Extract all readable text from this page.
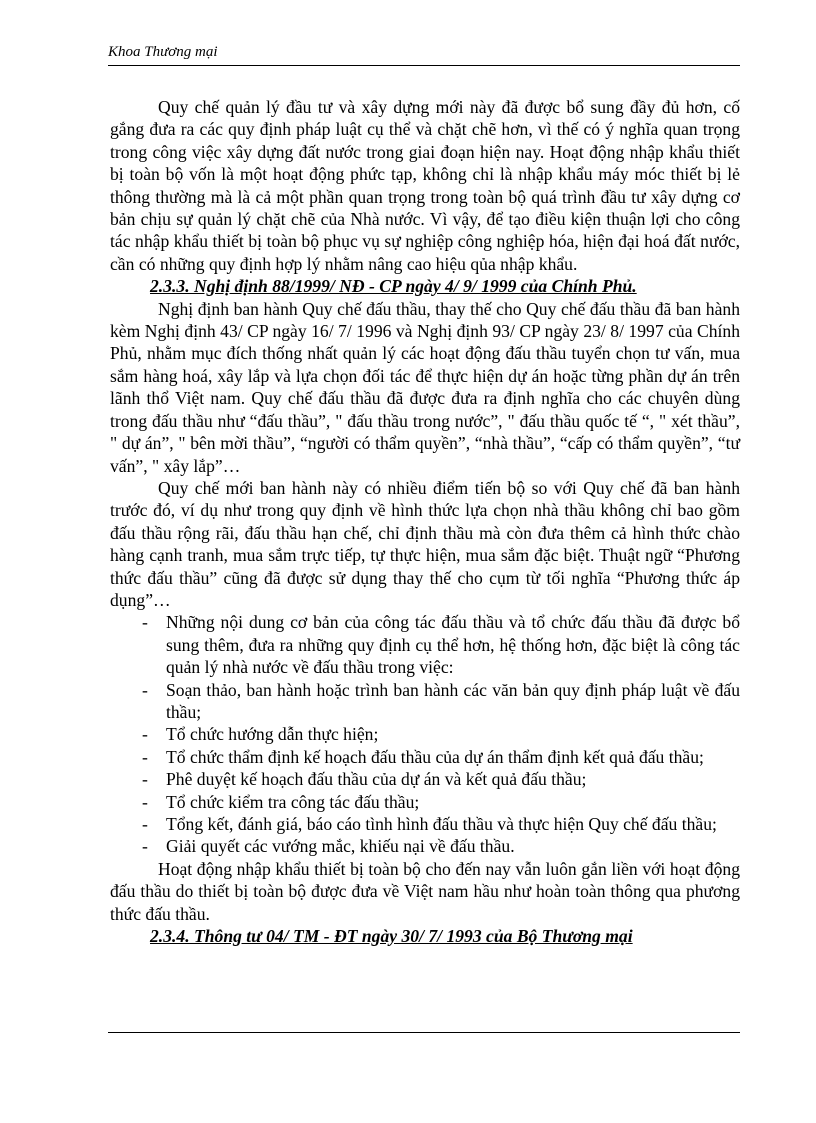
Khoa Thương mại

Quy chế quản lý đầu tư và xây dựng mới này đã được bổ sung đầy đủ hơn, cố gắng đưa ra các quy định pháp luật cụ thể và chặt chẽ hơn, vì thế có ý nghĩa quan trọng trong công việc xây dựng đất nước trong giai đoạn hiện nay. Hoạt động nhập khẩu thiết bị toàn bộ vốn là một hoạt động phức tạp, không chỉ là nhập khẩu máy móc thiết bị lẻ thông thường mà là cả một phần quan trọng trong toàn bộ quá trình đầu tư xây dựng cơ bản chịu sự quản lý chặt chẽ của Nhà nước. Vì vậy, để tạo điều kiện thuận lợi cho công tác nhập khẩu thiết bị toàn bộ phục vụ sự nghiệp công nghiệp hóa, hiện đại hoá đất nước, cần có những quy định hợp lý nhằm nâng cao hiệu qủa nhập khẩu.

2.3.3. Nghị định 88/1999/ NĐ - CP ngày 4/ 9/ 1999 của Chính Phủ.

Nghị định ban hành Quy chế đấu thầu, thay thế cho Quy chế đấu thầu đã ban hành kèm Nghị định 43/ CP ngày 16/ 7/ 1996 và Nghị định 93/ CP ngày 23/ 8/ 1997 của Chính Phủ, nhằm mục đích thống nhất quản lý các hoạt động đấu thầu tuyển chọn tư vấn, mua sắm hàng hoá, xây lắp và lựa chọn đối tác để thực hiện dự án hoặc từng phần dự án trên lãnh thổ Việt nam. Quy chế đấu thầu đã được đưa ra định nghĩa cho các chuyên dùng trong đấu thầu như “đấu thầu”, " đấu thầu trong nước”, " đấu thầu quốc tế “, " xét thầu”, " dự án”, " bên mời thầu”, “người có thẩm quyền”, “nhà thầu”, “cấp có thẩm quyền”, “tư vấn”, " xây lắp”…

Quy chế mới ban hành này có nhiều điểm tiến bộ so với Quy chế đã ban hành trước đó, ví dụ như trong quy định về hình thức lựa chọn nhà thầu không chỉ bao gồm đấu thầu rộng rãi, đấu thầu hạn chế, chỉ định thầu mà còn đưa thêm cả hình thức chào hàng cạnh tranh, mua sắm trực tiếp, tự thực hiện, mua sắm đặc biệt. Thuật ngữ “Phương thức đấu thầu” cũng đã được sử dụng thay thế cho cụm từ tối nghĩa “Phương thức áp dụng”…

- Những nội dung cơ bản của công tác đấu thầu và tổ chức đấu thầu đã được bổ sung thêm, đưa ra những quy định cụ thể hơn, hệ thống hơn, đặc biệt là công tác quản lý nhà nước về đấu thầu trong việc:
- Soạn thảo, ban hành hoặc trình ban hành các văn bản quy định pháp luật về đấu thầu;
- Tổ chức hướng dẫn thực hiện;
- Tổ chức thẩm định kế hoạch đấu thầu của dự án thẩm định kết quả đấu thầu;
- Phê duyệt kế hoạch đấu thầu của dự án và kết quả đấu thầu;
- Tổ chức kiểm tra công tác đấu thầu;
- Tổng kết, đánh giá, báo cáo tình hình đấu thầu và thực hiện Quy chế đấu thầu;
- Giải quyết các vướng mắc, khiếu nại về đấu thầu.

Hoạt động nhập khẩu thiết bị toàn bộ cho đến nay vẫn luôn gắn liền với hoạt động đấu thầu do thiết bị toàn bộ được đưa về Việt nam hầu như hoàn toàn thông qua phương thức đấu thầu.

2.3.4. Thông tư 04/ TM - ĐT ngày 30/ 7/ 1993 của Bộ Thương mại
